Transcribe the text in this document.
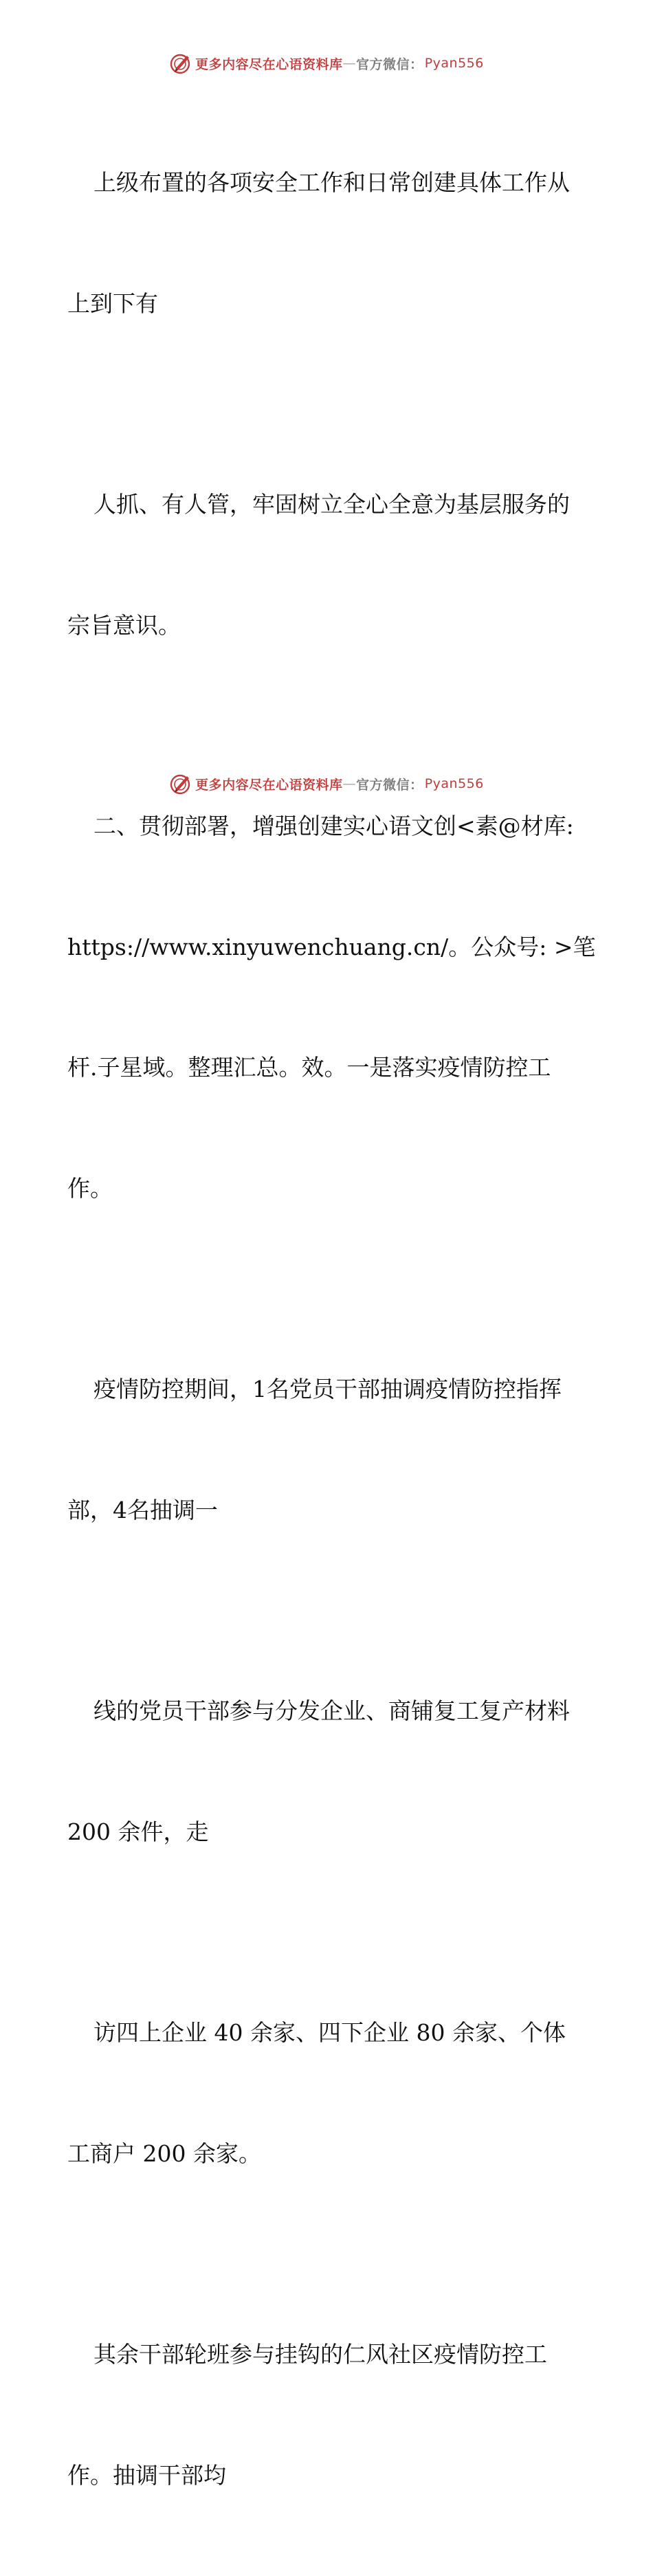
更多内容尽在心语资料库 — 官方微信： Pyan556

上级布置的各项安全工作和日常创建具体工作从

上到下有

人抓、有人管，牢固树立全心全意为基层服务的

宗旨意识。

二、贯彻部署，增强创建实心语文创<素@材库:

https://www.xinyuwenchuang.cn/。公众号: >笔

杆.子星域。整理汇总。效。一是落实疫情防控工

作。

疫情防控期间，1名党员干部抽调疫情防控指挥

部，4名抽调一

线的党员干部参与分发企业、商铺复工复产材料

200 余件，走

访四上企业 40 余家、四下企业 80 余家、个体

工商户 200 余家。

其余干部轮班参与挂钩的仁风社区疫情防控工

作。抽调干部均

更多内容尽在心语资料库 — 官方微信： Pyan556
